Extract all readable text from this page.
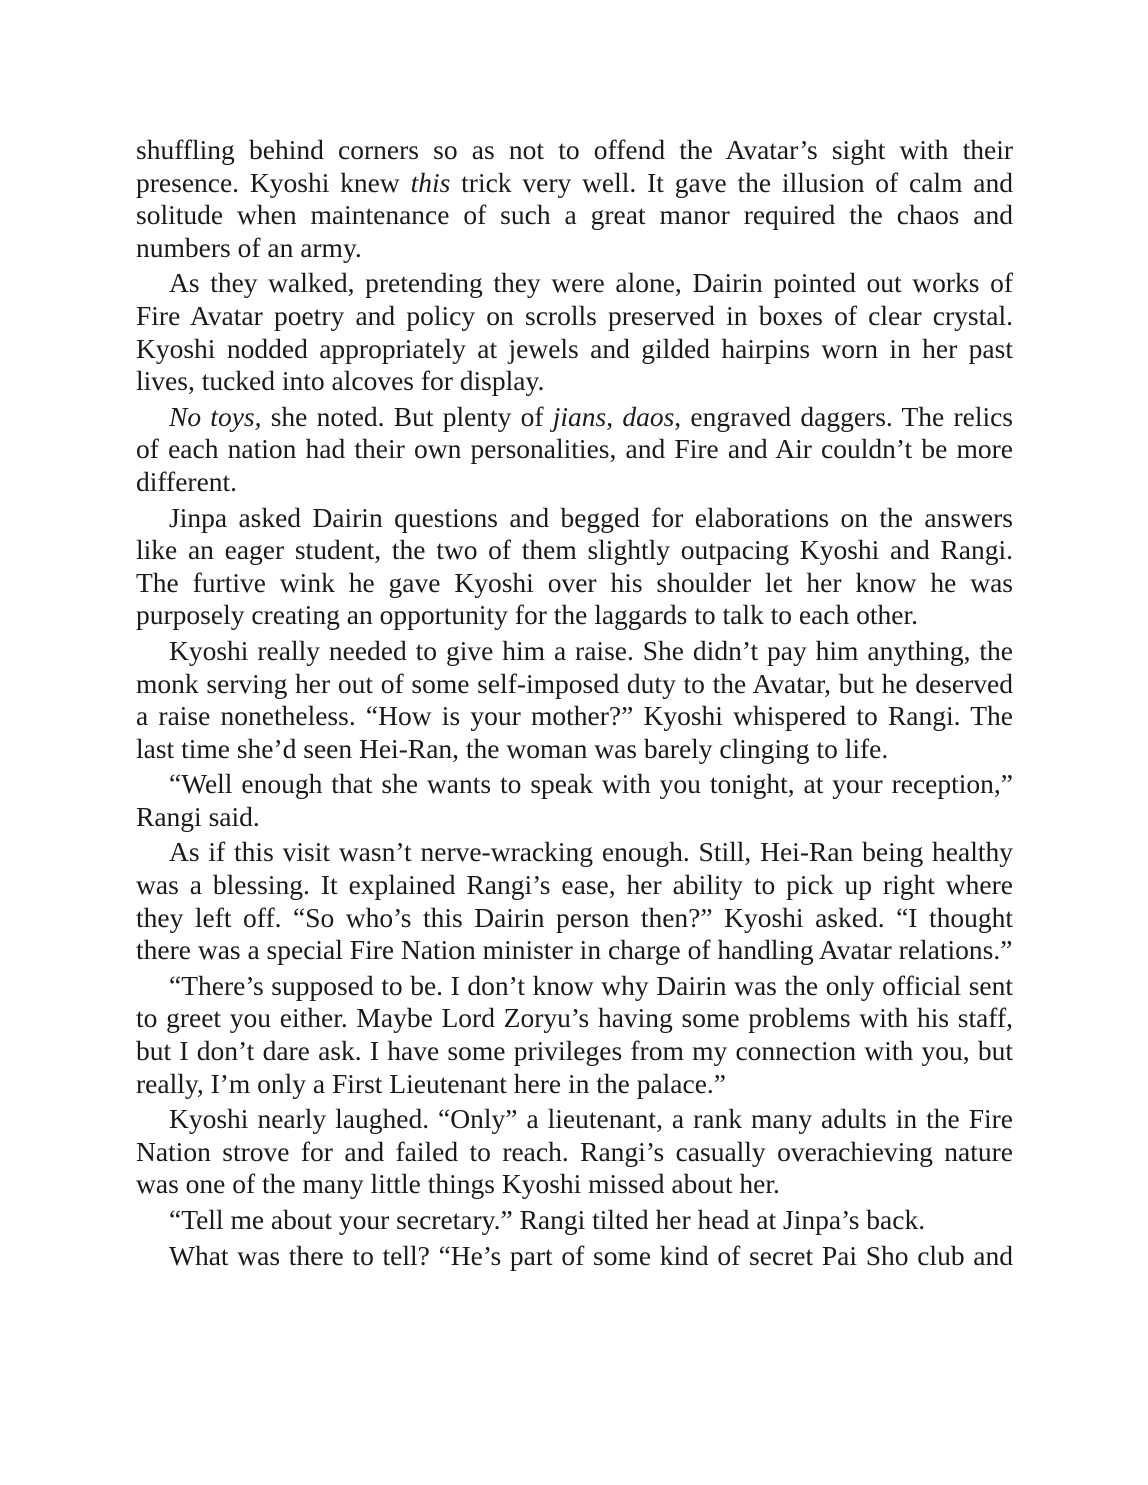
shuffling behind corners so as not to offend the Avatar’s sight with their presence. Kyoshi knew this trick very well. It gave the illusion of calm and solitude when maintenance of such a great manor required the chaos and numbers of an army.

As they walked, pretending they were alone, Dairin pointed out works of Fire Avatar poetry and policy on scrolls preserved in boxes of clear crystal. Kyoshi nodded appropriately at jewels and gilded hairpins worn in her past lives, tucked into alcoves for display.

No toys, she noted. But plenty of jians, daos, engraved daggers. The relics of each nation had their own personalities, and Fire and Air couldn’t be more different.

Jinpa asked Dairin questions and begged for elaborations on the answers like an eager student, the two of them slightly outpacing Kyoshi and Rangi. The furtive wink he gave Kyoshi over his shoulder let her know he was purposely creating an opportunity for the laggards to talk to each other.

Kyoshi really needed to give him a raise. She didn’t pay him anything, the monk serving her out of some self-imposed duty to the Avatar, but he deserved a raise nonetheless. “How is your mother?” Kyoshi whispered to Rangi. The last time she’d seen Hei-Ran, the woman was barely clinging to life.

“Well enough that she wants to speak with you tonight, at your reception,” Rangi said.

As if this visit wasn’t nerve-wracking enough. Still, Hei-Ran being healthy was a blessing. It explained Rangi’s ease, her ability to pick up right where they left off. “So who’s this Dairin person then?” Kyoshi asked. “I thought there was a special Fire Nation minister in charge of handling Avatar relations.”

“There’s supposed to be. I don’t know why Dairin was the only official sent to greet you either. Maybe Lord Zoryu’s having some problems with his staff, but I don’t dare ask. I have some privileges from my connection with you, but really, I’m only a First Lieutenant here in the palace.”

Kyoshi nearly laughed. “Only” a lieutenant, a rank many adults in the Fire Nation strove for and failed to reach. Rangi’s casually overachieving nature was one of the many little things Kyoshi missed about her.

“Tell me about your secretary.” Rangi tilted her head at Jinpa’s back.

What was there to tell? “He’s part of some kind of secret Pai Sho club and
